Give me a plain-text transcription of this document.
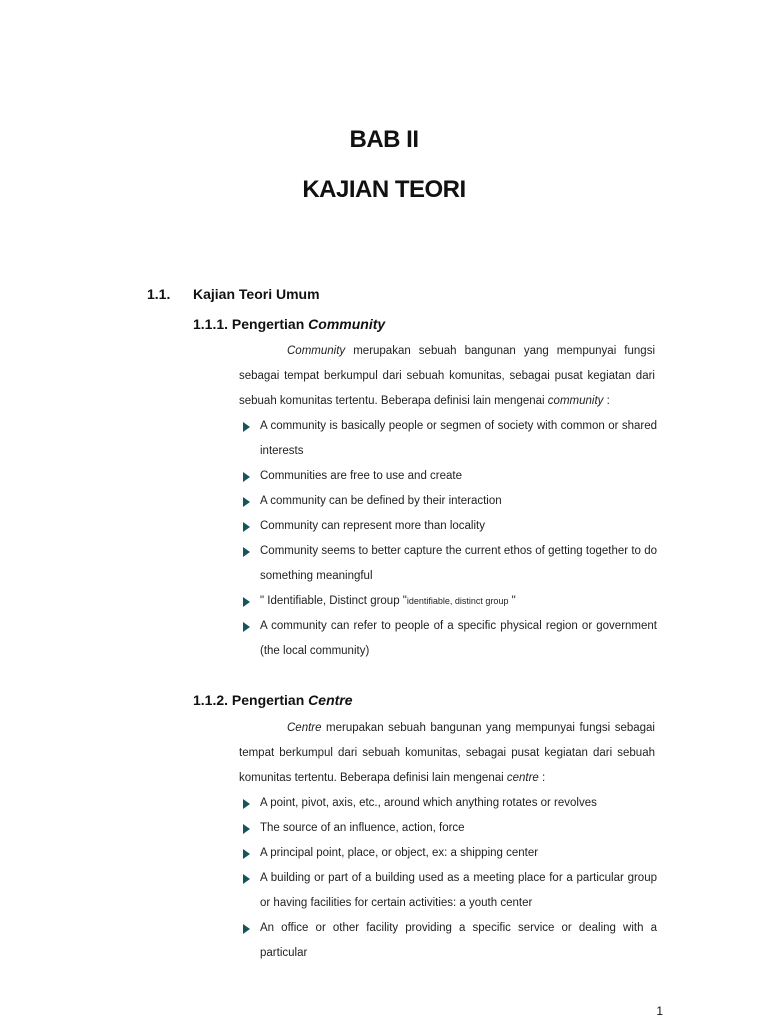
BAB II
KAJIAN TEORI
1.1.	Kajian Teori Umum
1.1.1. Pengertian Community
Community merupakan sebuah bangunan yang mempunyai fungsi sebagai tempat berkumpul dari sebuah komunitas, sebagai pusat kegiatan dari sebuah komunitas tertentu. Beberapa definisi lain mengenai community :
A community is basically people or segmen of society with common or shared interests
Communities are free to use and create
A community can be defined by their interaction
Community can represent more than locality
Community seems to better capture the current ethos of getting together to do something meaningful
" Identifiable, Distinct group "identifiable, distinct group "
A community can refer to people of a specific physical region or government (the local community)
1.1.2. Pengertian Centre
Centre merupakan sebuah bangunan yang mempunyai fungsi sebagai tempat berkumpul dari sebuah komunitas, sebagai pusat kegiatan dari sebuah komunitas tertentu. Beberapa definisi lain mengenai centre :
A point, pivot, axis, etc., around which anything rotates or revolves
The source of an influence, action, force
A principal point, place, or object, ex: a shipping center
A building or part of a building used as a meeting place for a particular group or having facilities for certain activities: a youth center
An office or other facility providing a specific service or dealing with a particular
1
